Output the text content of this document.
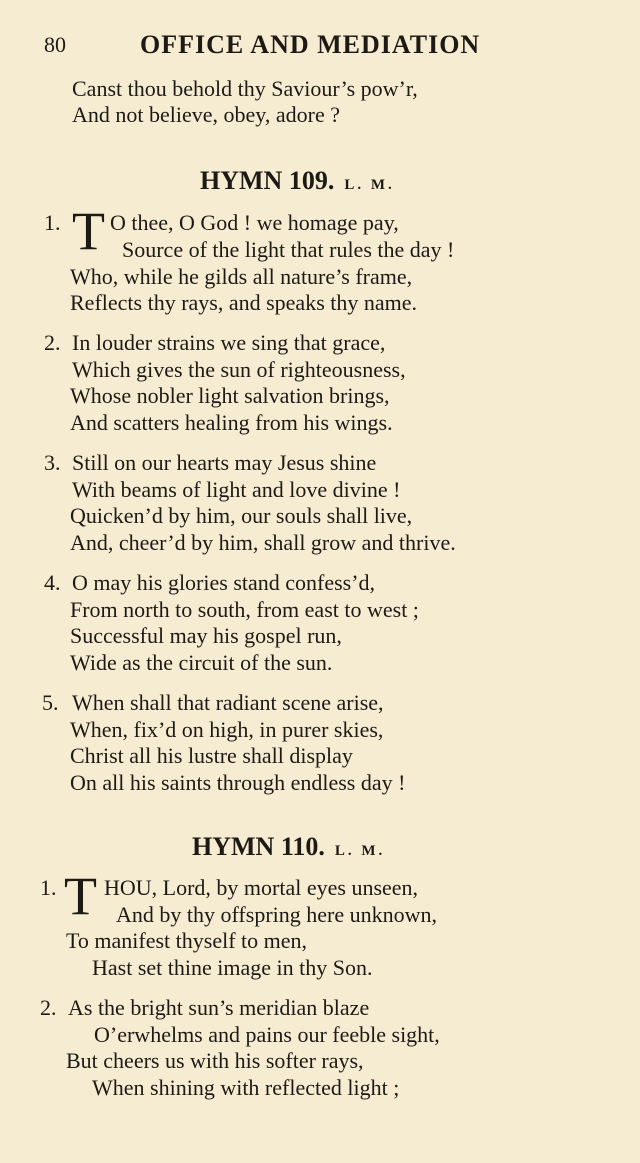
80	OFFICE AND MEDIATION
Canst thou behold thy Saviour’s pow’r,
And not believe, obey, adore ?
HYMN 109. L. M.
1. T O thee, O God ! we homage pay,
Source of the light that rules the day !
Who, while he gilds all nature’s frame,
Reflects thy rays, and speaks thy name.
2. In louder strains we sing that grace,
Which gives the sun of righteousness,
Whose nobler light salvation brings,
And scatters healing from his wings.
3. Still on our hearts may Jesus shine
With beams of light and love divine !
Quicken’d by him, our souls shall live,
And, cheer’d by him, shall grow and thrive.
4. O may his glories stand confess’d,
From north to south, from east to west ;
Successful may his gospel run,
Wide as the circuit of the sun.
5. When shall that radiant scene arise,
When, fix’d on high, in purer skies,
Christ all his lustre shall display
On all his saints through endless day !
HYMN 110. L. M.
1. T HOU, Lord, by mortal eyes unseen,
And by thy offspring here unknown,
To manifest thyself to men,
Hast set thine image in thy Son.
2. As the bright sun’s meridian blaze
O’erwhelms and pains our feeble sight,
But cheers us with his softer rays,
When shining with reflected light ;
